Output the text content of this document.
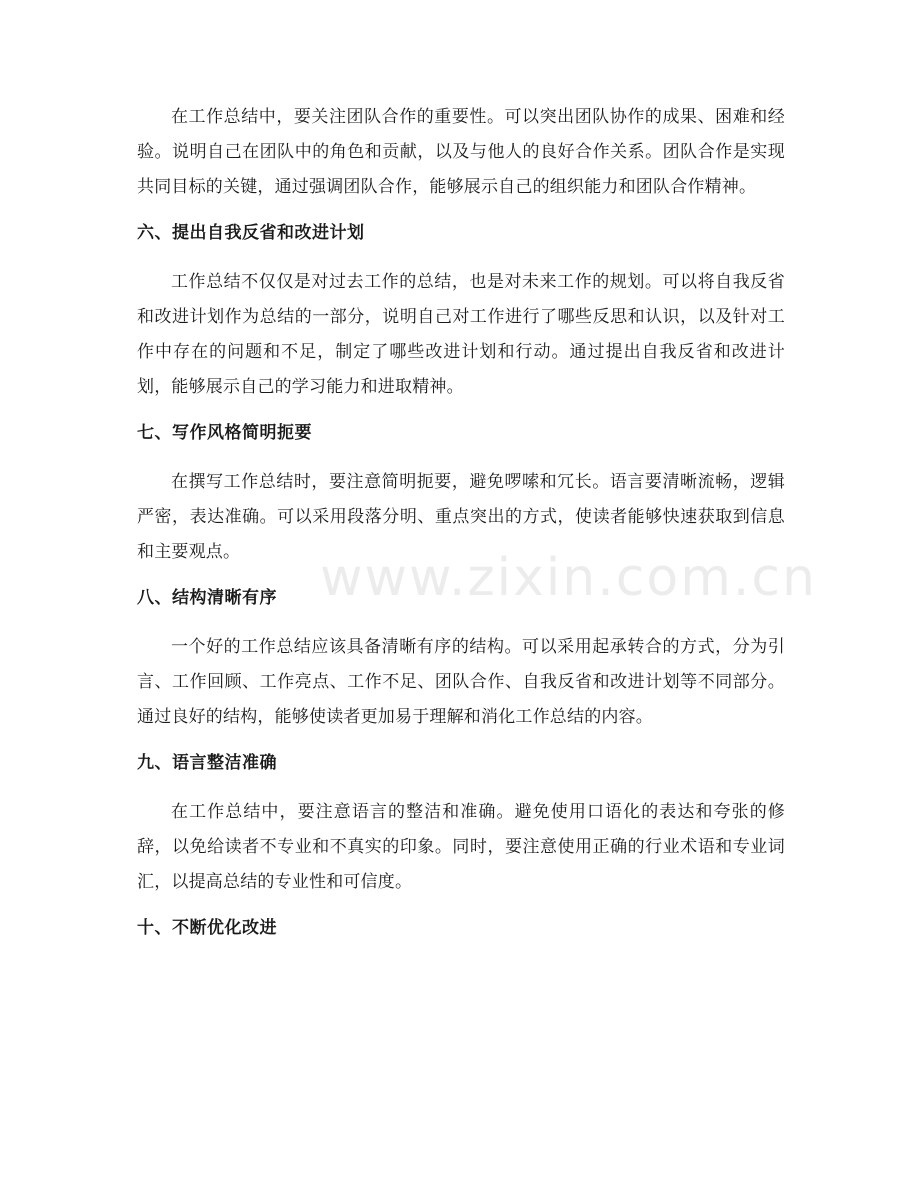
在工作总结中，要关注团队合作的重要性。可以突出团队协作的成果、困难和经验。说明自己在团队中的角色和贡献，以及与他人的良好合作关系。团队合作是实现共同目标的关键，通过强调团队合作，能够展示自己的组织能力和团队合作精神。

六、提出自我反省和改进计划

工作总结不仅仅是对过去工作的总结，也是对未来工作的规划。可以将自我反省和改进计划作为总结的一部分，说明自己对工作进行了哪些反思和认识，以及针对工作中存在的问题和不足，制定了哪些改进计划和行动。通过提出自我反省和改进计划，能够展示自己的学习能力和进取精神。

七、写作风格简明扼要

在撰写工作总结时，要注意简明扼要，避免啰嗦和冗长。语言要清晰流畅，逻辑严密，表达准确。可以采用段落分明、重点突出的方式，使读者能够快速获取到信息和主要观点。

八、结构清晰有序

一个好的工作总结应该具备清晰有序的结构。可以采用起承转合的方式，分为引言、工作回顾、工作亮点、工作不足、团队合作、自我反省和改进计划等不同部分。通过良好的结构，能够使读者更加易于理解和消化工作总结的内容。

九、语言整洁准确

在工作总结中，要注意语言的整洁和准确。避免使用口语化的表达和夸张的修辞，以免给读者不专业和不真实的印象。同时，要注意使用正确的行业术语和专业词汇，以提高总结的专业性和可信度。

十、不断优化改进
www.zixin.com.cn
